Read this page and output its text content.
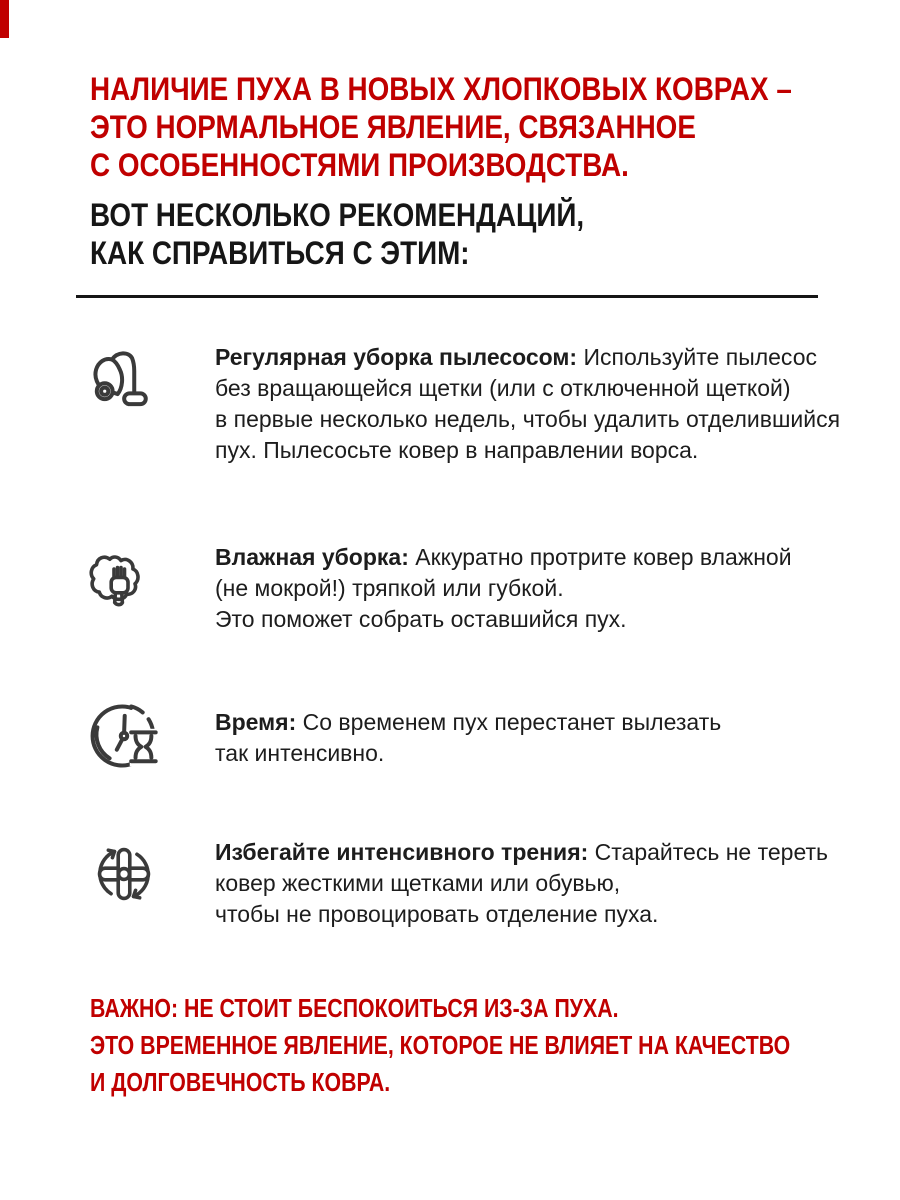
НАЛИЧИЕ ПУХА В НОВЫХ ХЛОПКОВЫХ КОВРАХ –
ЭТО НОРМАЛЬНОЕ ЯВЛЕНИЕ, СВЯЗАННОЕ
С ОСОБЕННОСТЯМИ ПРОИЗВОДСТВА.
ВОТ НЕСКОЛЬКО РЕКОМЕНДАЦИЙ,
КАК СПРАВИТЬСЯ С ЭТИМ:
Регулярная уборка пылесосом: Используйте пылесос
без вращающейся щетки (или с отключенной щеткой)
в первые несколько недель, чтобы удалить отделившийся
пух. Пылесосьте ковер в направлении ворса.
Влажная уборка: Аккуратно протрите ковер влажной
(не мокрой!) тряпкой или губкой.
Это поможет собрать оставшийся пух.
Время: Со временем пух перестанет вылезать
так интенсивно.
Избегайте интенсивного трения: Старайтесь не тереть
ковер жесткими щетками или обувью,
чтобы не провоцировать отделение пуха.
ВАЖНО: НЕ СТОИТ БЕСПОКОИТЬСЯ ИЗ-ЗА ПУХА.
ЭТО ВРЕМЕННОЕ ЯВЛЕНИЕ, КОТОРОЕ НЕ ВЛИЯЕТ НА КАЧЕСТВО
И ДОЛГОВЕЧНОСТЬ КОВРА.
